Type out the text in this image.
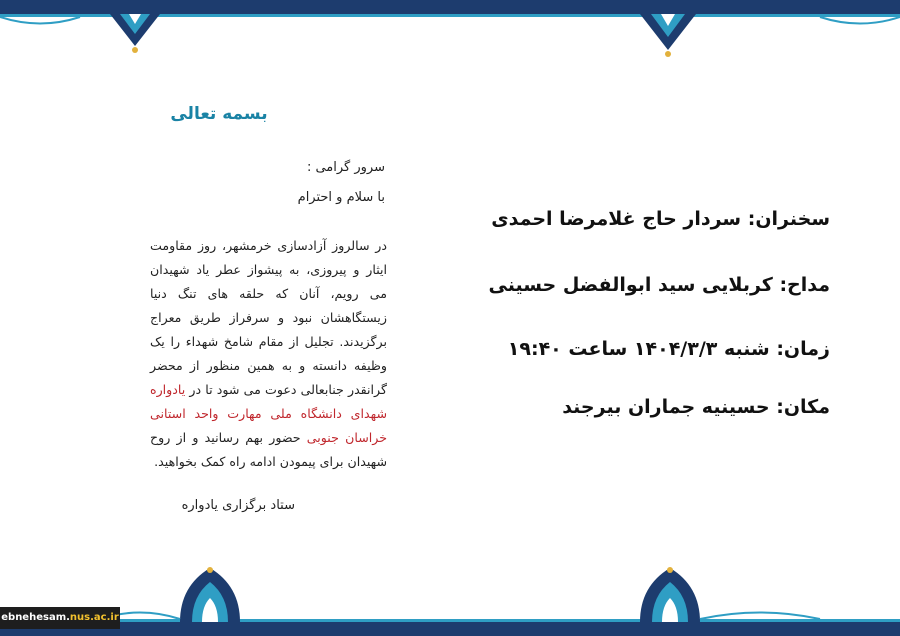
بسمه تعالی
سرور گرامی :
با سلام و احترام
در سالروز آزادسازی خرمشهر، روز مقاومت ایثار و پیروزی، به پیشواز عطر یاد شهیدان می رویم، آنان که حلقه های تنگ دنیا زیستگاهشان نبود و سرفراز طریق معراج برگزیدند. تجلیل از مقام شامخ شهداء را یک وظیفه دانسته و به همین منظور از محضر گرانقدر جنابعالی دعوت می شود تا در یادواره شهدای دانشگاه ملی مهارت واحد استانی خراسان جنوبی حضور بهم رسانید و از روح شهیدان برای پیمودن ادامه راه کمک بخواهید.
ستاد برگزاری یادواره
سخنران: سردار حاج غلامرضا احمدی
مداح: کربلایی سید ابوالفضل حسینی
زمان: شنبه ۱۴۰۴/۳/۳ ساعت ۱۹:۴۰
مکان: حسینیه جماران بیرجند
ebnehesam.nus.ac.ir
